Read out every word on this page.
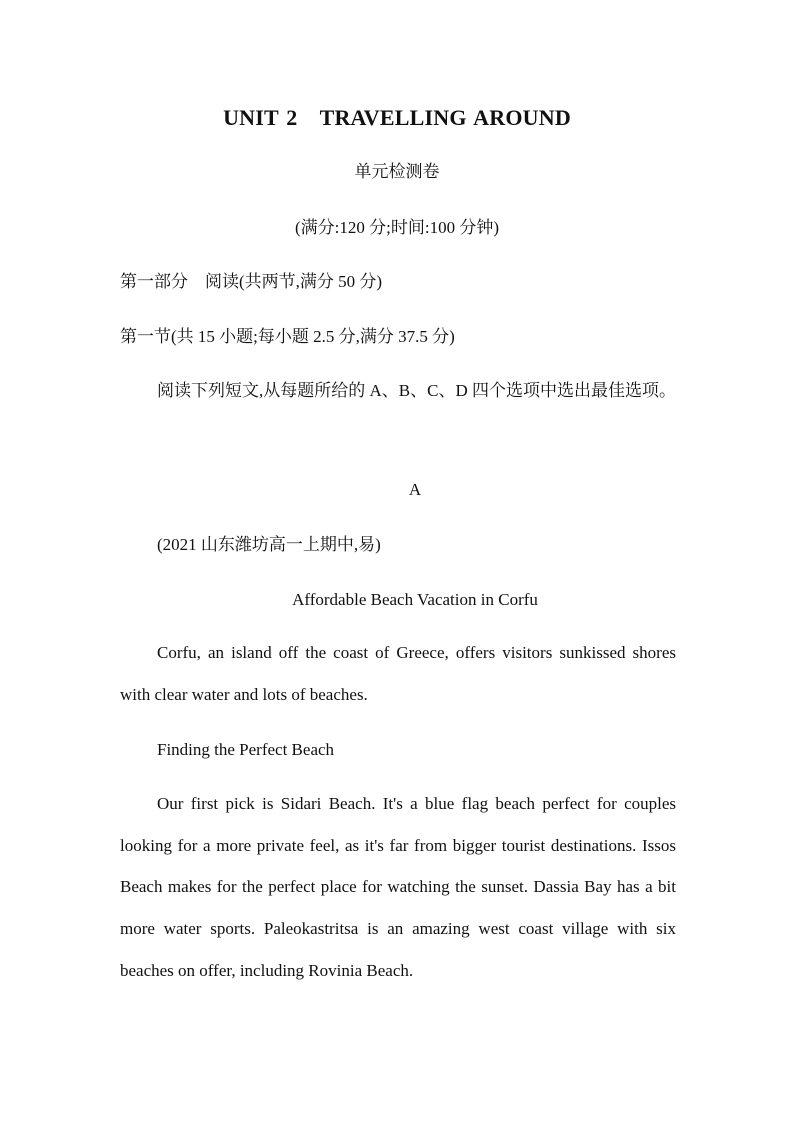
UNIT 2　TRAVELLING AROUND
单元检测卷
(满分:120 分;时间:100 分钟)
第一部分　阅读(共两节,满分 50 分)
第一节(共 15 小题;每小题 2.5 分,满分 37.5 分)

阅读下列短文,从每题所给的 A、B、C、D 四个选项中选出最佳选项。

A
(2021 山东潍坊高一上期中,易)
Affordable Beach Vacation in Corfu

Corfu, an island off the coast of Greece, offers visitors sunkissed shores with clear water and lots of beaches.

Finding the Perfect Beach

Our first pick is Sidari Beach. It's a blue flag beach perfect for couples looking for a more private feel, as it's far from bigger tourist destinations. Issos Beach makes for the perfect place for watching the sunset. Dassia Bay has a bit more water sports. Paleokastritsa is an amazing west coast village with six beaches on offer, including Rovinia Beach.
